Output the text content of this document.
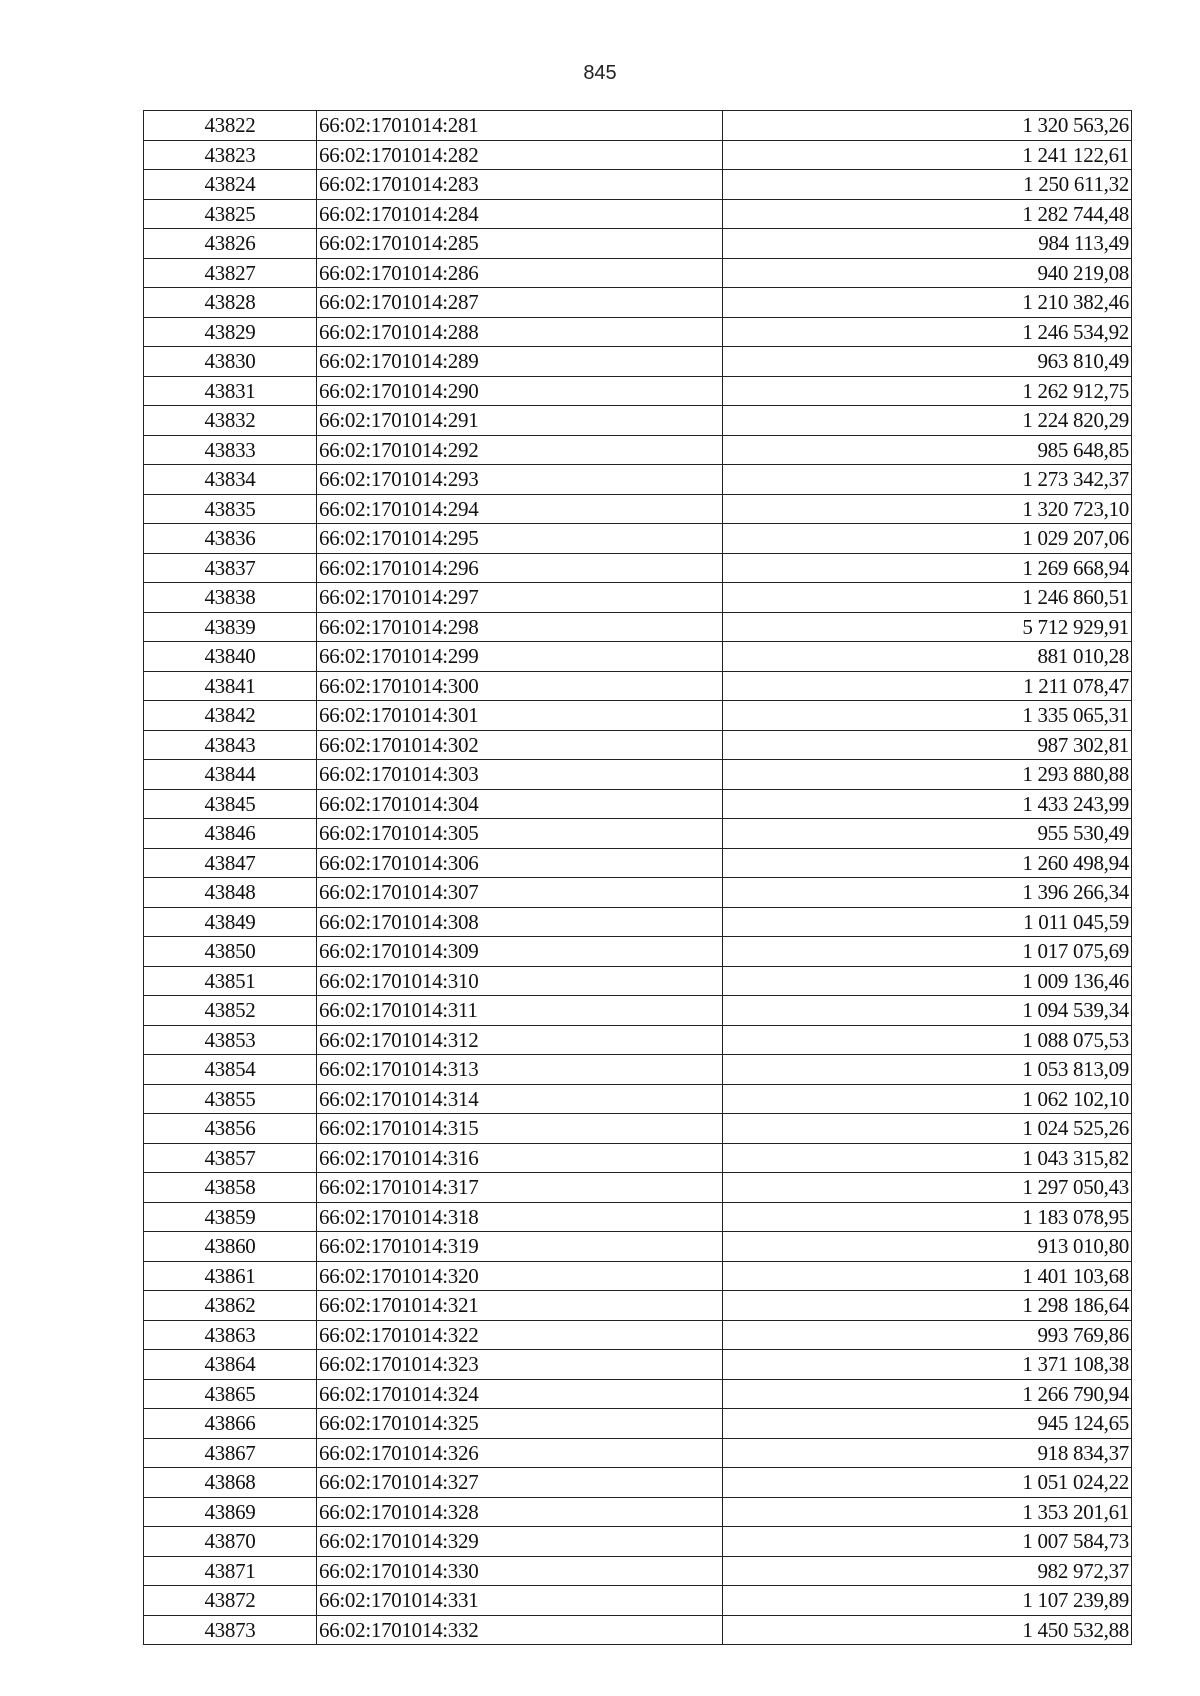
845
43822	66:02:1701014:281	1 320 563,26
43823	66:02:1701014:282	1 241 122,61
43824	66:02:1701014:283	1 250 611,32
43825	66:02:1701014:284	1 282 744,48
43826	66:02:1701014:285	984 113,49
43827	66:02:1701014:286	940 219,08
43828	66:02:1701014:287	1 210 382,46
43829	66:02:1701014:288	1 246 534,92
43830	66:02:1701014:289	963 810,49
43831	66:02:1701014:290	1 262 912,75
43832	66:02:1701014:291	1 224 820,29
43833	66:02:1701014:292	985 648,85
43834	66:02:1701014:293	1 273 342,37
43835	66:02:1701014:294	1 320 723,10
43836	66:02:1701014:295	1 029 207,06
43837	66:02:1701014:296	1 269 668,94
43838	66:02:1701014:297	1 246 860,51
43839	66:02:1701014:298	5 712 929,91
43840	66:02:1701014:299	881 010,28
43841	66:02:1701014:300	1 211 078,47
43842	66:02:1701014:301	1 335 065,31
43843	66:02:1701014:302	987 302,81
43844	66:02:1701014:303	1 293 880,88
43845	66:02:1701014:304	1 433 243,99
43846	66:02:1701014:305	955 530,49
43847	66:02:1701014:306	1 260 498,94
43848	66:02:1701014:307	1 396 266,34
43849	66:02:1701014:308	1 011 045,59
43850	66:02:1701014:309	1 017 075,69
43851	66:02:1701014:310	1 009 136,46
43852	66:02:1701014:311	1 094 539,34
43853	66:02:1701014:312	1 088 075,53
43854	66:02:1701014:313	1 053 813,09
43855	66:02:1701014:314	1 062 102,10
43856	66:02:1701014:315	1 024 525,26
43857	66:02:1701014:316	1 043 315,82
43858	66:02:1701014:317	1 297 050,43
43859	66:02:1701014:318	1 183 078,95
43860	66:02:1701014:319	913 010,80
43861	66:02:1701014:320	1 401 103,68
43862	66:02:1701014:321	1 298 186,64
43863	66:02:1701014:322	993 769,86
43864	66:02:1701014:323	1 371 108,38
43865	66:02:1701014:324	1 266 790,94
43866	66:02:1701014:325	945 124,65
43867	66:02:1701014:326	918 834,37
43868	66:02:1701014:327	1 051 024,22
43869	66:02:1701014:328	1 353 201,61
43870	66:02:1701014:329	1 007 584,73
43871	66:02:1701014:330	982 972,37
43872	66:02:1701014:331	1 107 239,89
43873	66:02:1701014:332	1 450 532,88
